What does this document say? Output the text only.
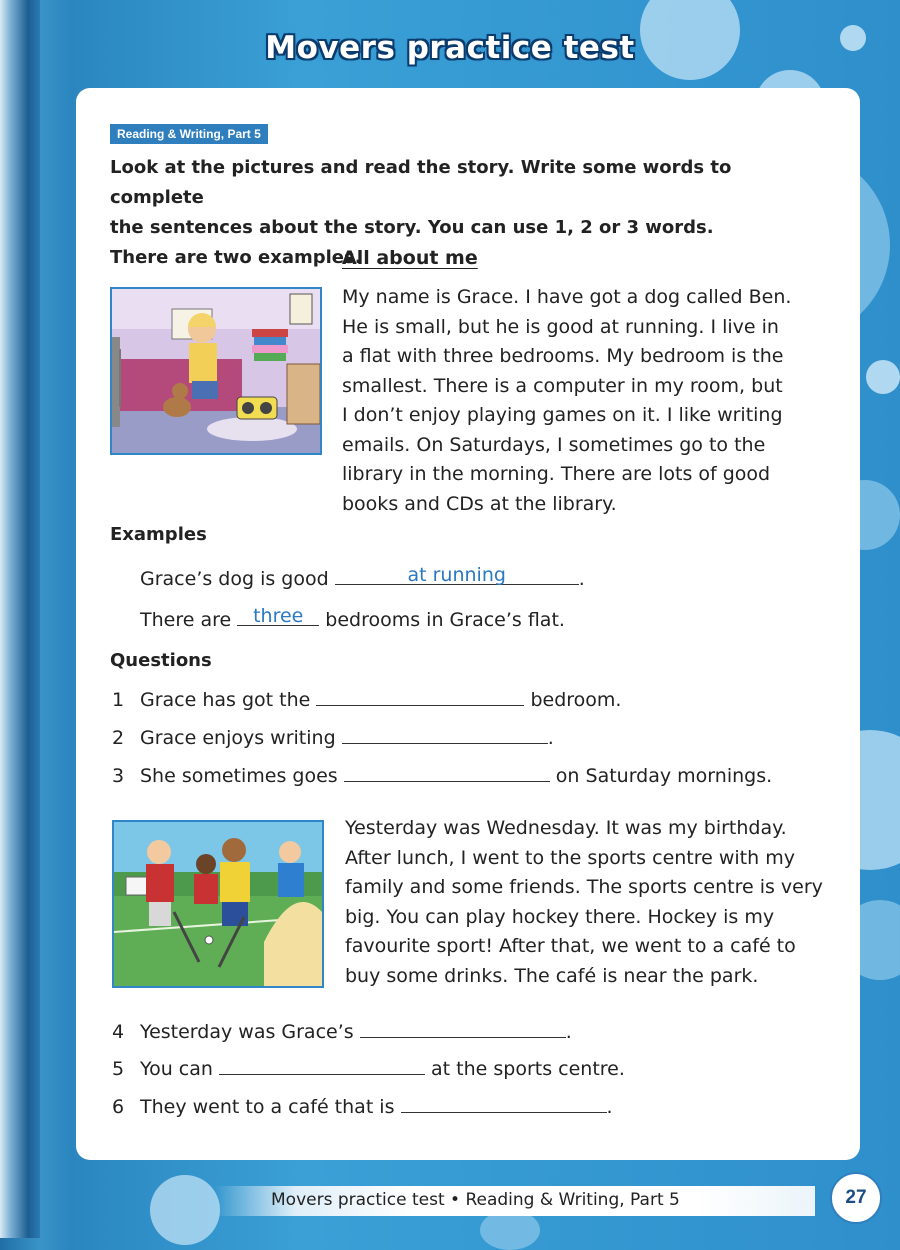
Movers practice test
Reading & Writing, Part 5
Look at the pictures and read the story. Write some words to complete
the sentences about the story. You can use 1, 2 or 3 words.
There are two examples.
All about me
My name is Grace. I have got a dog called Ben.
He is small, but he is good at running. I live in
a flat with three bedrooms. My bedroom is the
smallest. There is a computer in my room, but
I don’t enjoy playing games on it. I like writing
emails. On Saturdays, I sometimes go to the
library in the morning. There are lots of good
books and CDs at the library.
Examples
Grace’s dog is good	at running	.
There are	three	bedrooms in Grace’s flat.
Questions
1 Grace has got the	bedroom.
2 Grace enjoys writing	.
3 She sometimes goes	on Saturday mornings.
Yesterday was Wednesday. It was my birthday.
After lunch, I went to the sports centre with my
family and some friends. The sports centre is very
big. You can play hockey there. Hockey is my
favourite sport! After that, we went to a café to
buy some drinks. The café is near the park.
4 Yesterday was Grace’s	.
5 You can	at the sports centre.
6 They went to a café that is	.
Movers practice test • Reading & Writing, Part 5	27
